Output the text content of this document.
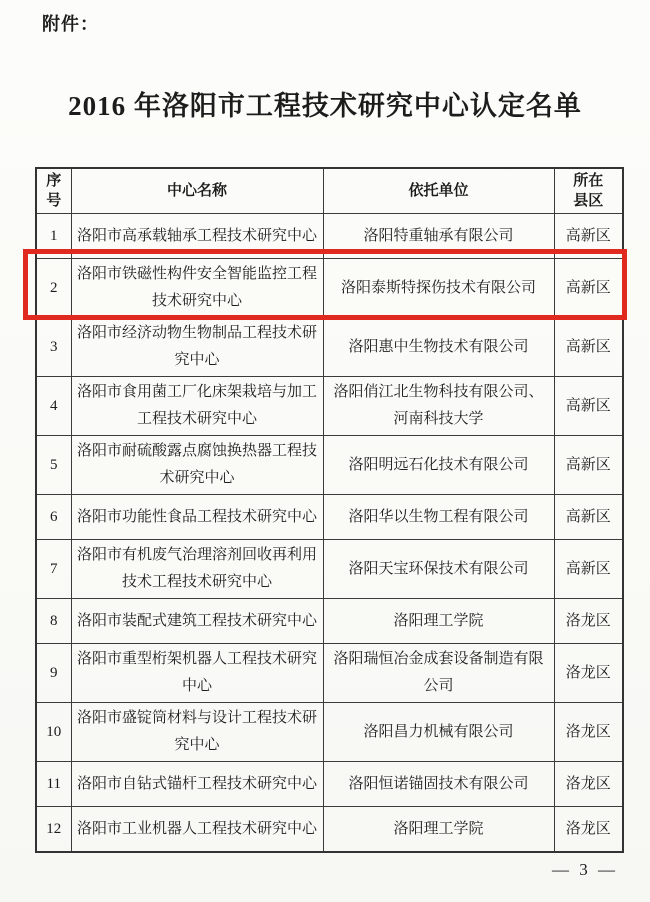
附件：
2016 年洛阳市工程技术研究中心认定名单
序号	中心名称	依托单位	所在县区
1	洛阳市高承载轴承工程技术研究中心	洛阳特重轴承有限公司	高新区
2	洛阳市铁磁性构件安全智能监控工程技术研究中心	洛阳泰斯特探伤技术有限公司	高新区
3	洛阳市经济动物生物制品工程技术研究中心	洛阳惠中生物技术有限公司	高新区
4	洛阳市食用菌工厂化床架栽培与加工工程技术研究中心	洛阳俏江北生物科技有限公司、河南科技大学	高新区
5	洛阳市耐硫酸露点腐蚀换热器工程技术研究中心	洛阳明远石化技术有限公司	高新区
6	洛阳市功能性食品工程技术研究中心	洛阳华以生物工程有限公司	高新区
7	洛阳市有机废气治理溶剂回收再利用技术工程技术研究中心	洛阳天宝环保技术有限公司	高新区
8	洛阳市装配式建筑工程技术研究中心	洛阳理工学院	洛龙区
9	洛阳市重型桁架机器人工程技术研究中心	洛阳瑞恒冶金成套设备制造有限公司	洛龙区
10	洛阳市盛锭筒材料与设计工程技术研究中心	洛阳昌力机械有限公司	洛龙区
11	洛阳市自钻式锚杆工程技术研究中心	洛阳恒诺锚固技术有限公司	洛龙区
12	洛阳市工业机器人工程技术研究中心	洛阳理工学院	洛龙区
— 3 —
